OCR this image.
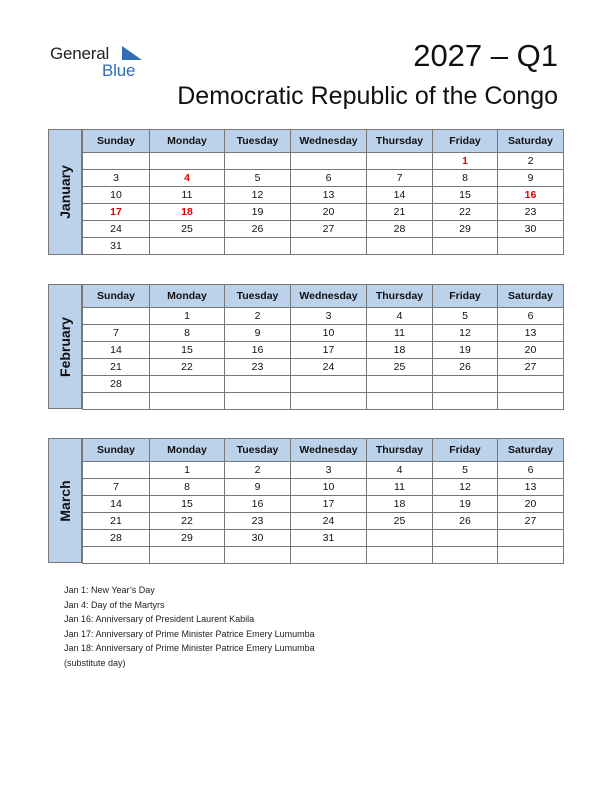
General
Blue	2027 – Q1
Democratic Republic of the Congo
January
Sunday	Monday	Tuesday	Wednesday	Thursday	Friday	Saturday
					1	2
3	4	5	6	7	8	9
10	11	12	13	14	15	16
17	18	19	20	21	22	23
24	25	26	27	28	29	30
31						
February
Sunday	Monday	Tuesday	Wednesday	Thursday	Friday	Saturday
	1	2	3	4	5	6
7	8	9	10	11	12	13
14	15	16	17	18	19	20
21	22	23	24	25	26	27
28						

March
Sunday	Monday	Tuesday	Wednesday	Thursday	Friday	Saturday
	1	2	3	4	5	6
7	8	9	10	11	12	13
14	15	16	17	18	19	20
21	22	23	24	25	26	27
28	29	30	31			

Jan 1: New Year’s Day
Jan 4: Day of the Martyrs
Jan 16: Anniversary of President Laurent Kabila
Jan 17: Anniversary of Prime Minister Patrice Emery Lumumba
Jan 18: Anniversary of Prime Minister Patrice Emery Lumumba
(substitute day)
